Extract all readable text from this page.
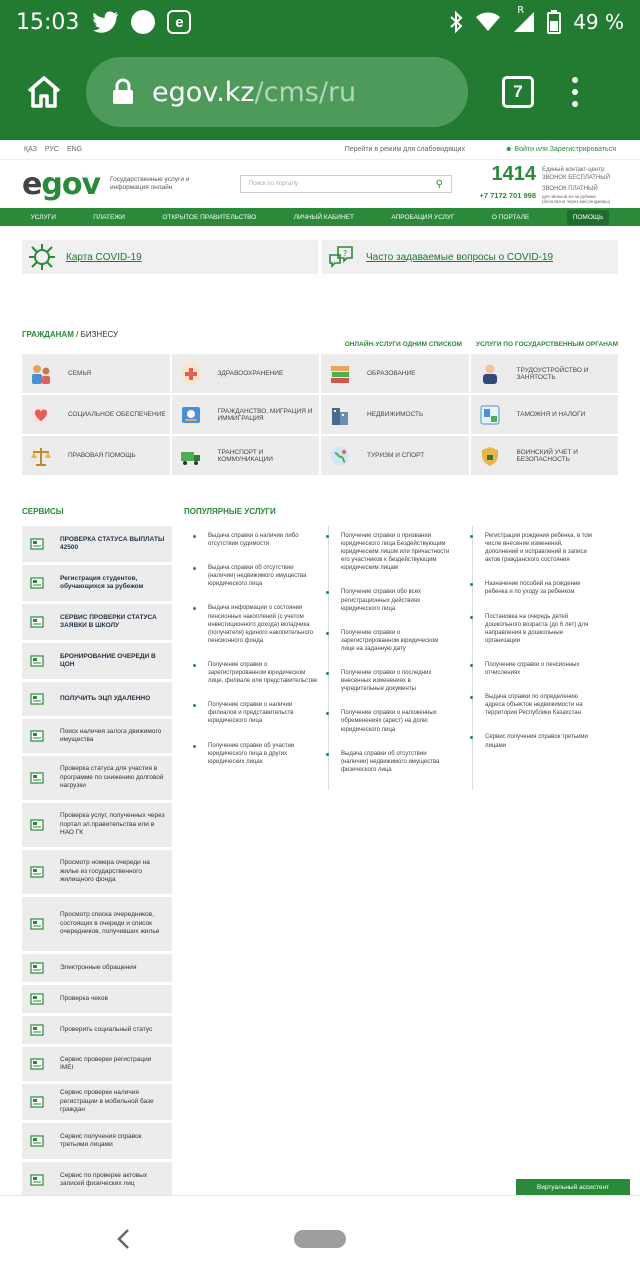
15:03	e
R 49 %
egov.kz /cms/ru	7
ҚАЗ РУС ENG	Перейти в режим для слабовидящих	☻ Войти или Зарегистрироваться
egov Государственные услуги и информация онлайн	Поиск по порталу	⚲	1414 Единый контакт-центр ЗВОНОК БЕСПЛАТНЫЙ
+7 7172 701 998
ЗВОНОК ПЛАТНЫЙ

для звонков из-за рубежа (бесплатно через мессенджеры)
УСЛУГИ	ПЛАТЕЖИ	ОТКРЫТОЕ ПРАВИТЕЛЬСТВО	ЛИЧНЫЙ КАБИНЕТ	АПРОБАЦИЯ УСЛУГ	О ПОРТАЛЕ	ПОМОЩЬ
Карта COVID-19	? Часто задаваемые вопросы о COVID-19
ГРАЖДАНАМ / БИЗНЕСУ
ОНЛАЙН-УСЛУГИ ОДНИМ СПИСКОМ УСЛУГИ ПО ГОСУДАРСТВЕННЫМ ОРГАНАМ
СЕМЬЯ	ЗДРАВООХРАНЕНИЕ	ОБРАЗОВАНИЕ	ТРУДОУСТРОЙСТВО И ЗАНЯТОСТЬ
СОЦИАЛЬНОЕ ОБЕСПЕЧЕНИЕ	ГРАЖДАНСТВО, МИГРАЦИЯ И ИММИГРАЦИЯ	НЕДВИЖИМОСТЬ	ТАМОЖНЯ И НАЛОГИ
ПРАВОВАЯ ПОМОЩЬ	ТРАНСПОРТ И КОММУНИКАЦИИ	ТУРИЗМ И СПОРТ	ВОИНСКИЙ УЧЕТ И БЕЗОПАСНОСТЬ
СЕРВИСЫ
ПРОВЕРКА СТАТУСА ВЫПЛАТЫ 42500
Регистрация студентов, обучающихся за рубежом
СЕРВИС ПРОВЕРКИ СТАТУСА ЗАЯВКИ В ШКОЛУ
БРОНИРОВАНИЕ ОЧЕРЕДИ В ЦОН
ПОЛУЧИТЬ ЭЦП УДАЛЕННО
Поиск наличия залога движимого имущества
Проверка статуса для участия в программе по снижению долговой нагрузки
Проверка услуг, полученных через портал эл.правительства или в НАО ГК
Просмотр номера очереди на жилье из государственного жилищного фонда
Просмотр списка очередников, состоящих в очереди и список очередников, получивших жилье
Электронные обращения
Проверка чеков
Проверить социальный статус
Сервис проверки регистрации IMEI
Сервис проверки наличия регистрации в мобильной базе граждан
Сервис получения справок третьими лицами
Сервис по проверке актовых записей физических лиц
ПОПУЛЯРНЫЕ УСЛУГИ
Выдача справки о наличии либо отсутствии судимости
Выдача справки об отсутствии (наличии) недвижимого имущества юридического лица
Выдача информации о состоянии пенсионных накоплений (с учетом инвестиционного дохода) вкладчика (получателя) единого накопительного пенсионного фонда
Получение справки о зарегистрированном юридическом лице, филиале или представительстве
Получение справки о наличии филиалов и представительств юридического лица
Получение справки об участии юридического лица в других юридических лицах
Получение справки о призвании юридического лица Бездействующим юридическим лицом или причастности его участников к бездействующим юридическим лицам
Получение справки обо всех регистрационных действиях юридического лица
Получение справки о зарегистрированном юридическом лице на заданную дату
Получение справки о последних внесенных изменениях в учредительные документы
Получение справки о наложенных обременениях (арест) на долю юридического лица
Выдача справки об отсутствии (наличии) недвижимого имущества физического лица
Регистрация рождения ребенка, в том числе внесение изменений, дополнений и исправлений в записи актов гражданского состояния
Назначение пособий на рождение ребенка и по уходу за ребенком
Постановка на очередь детей дошкольного возраста (до 6 лет) для направления в дошкольные организации
Получение справки о пенсионных отчислениях
Выдача справки по определению адреса объектов недвижимости на территории Республики Казахстан
Сервис получения справок третьими лицами
Виртуальный ассистент
